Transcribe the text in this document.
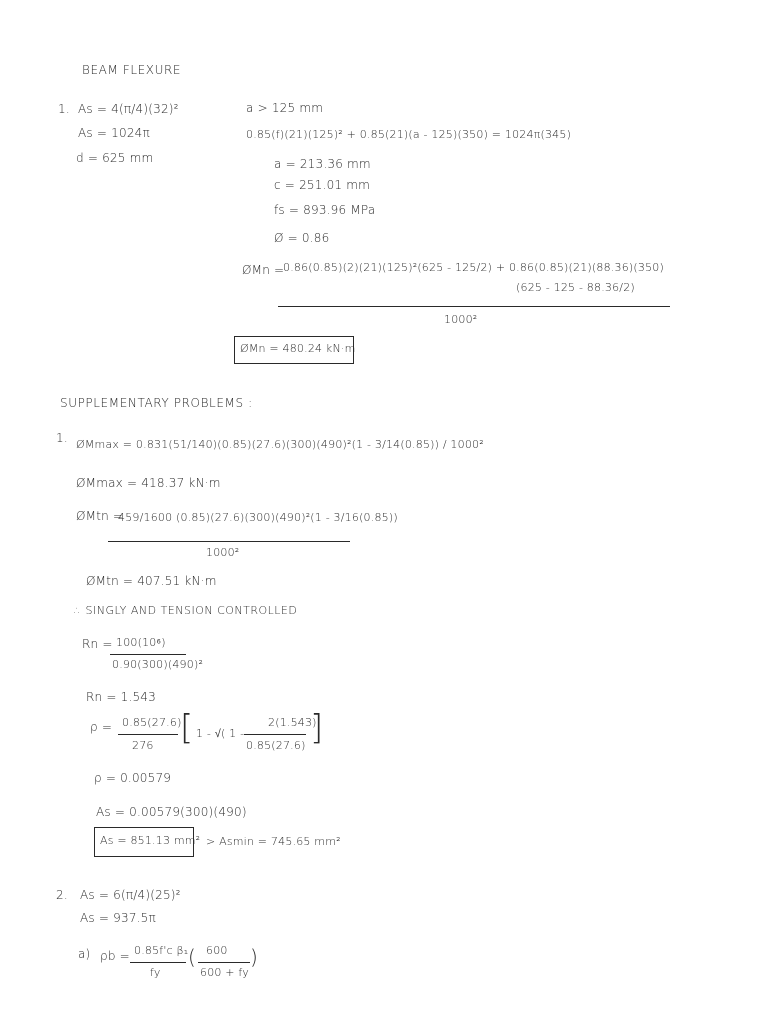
BEAM FLEXURE
1. As = 4(π/4)(32)²
As = 1024π
d = 625 mm
a > 125 mm
0.85(f)(21)(125)² + 0.85(21)(a - 125)(350) = 1024π(345)
a = 213.36 mm
c = 251.01 mm
fs = 893.96 MPa
Ø = 0.86
ØMn =
0.86(0.85)(2)(21)(125)²(625 - 125/2) + 0.86(0.85)(21)(88.36)(350)
(625 - 125 - 88.36/2)
1000²
ØMn = 480.24 kN·m
SUPPLEMENTARY PROBLEMS :
1. ØMmax = 0.831(51/140)(0.85)(27.6)(300)(490)²(1 - 3/14(0.85)) / 1000²
ØMmax = 418.37 kN·m
ØMtn =
459/1600 (0.85)(27.6)(300)(490)²(1 - 3/16(0.85))
1000²
ØMtn = 407.51 kN·m
∴ SINGLY AND TENSION CONTROLLED
Rn = 100(10⁶)
0.90(300)(490)²
Rn = 1.543
ρ = 0.85(27.6)
276 [ 1 - √( 1 -
2(1.543)
0.85(27.6) ]
ρ = 0.00579
As = 0.00579(300)(490)
As = 851.13 mm² > Asmin = 745.65 mm²
2. As = 6(π/4)(25)²
As = 937.5π
a) ρb = 0.85f'c β₁
fy
( 600
600 + fy
)
